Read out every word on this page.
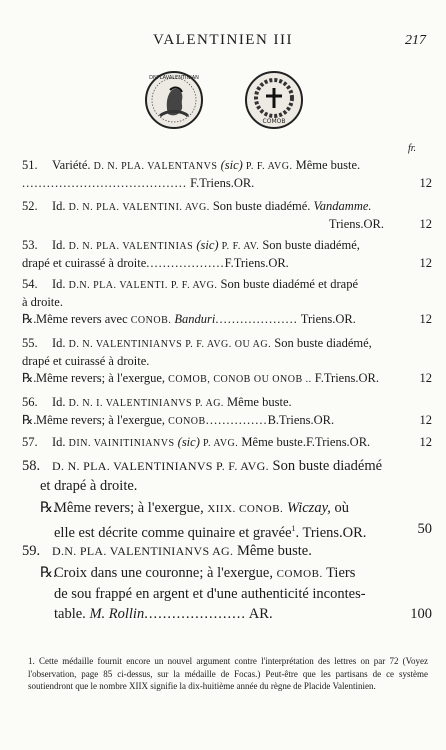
VALENTINIEN III	217
DNPLAVALENTINIAN
COMOB
fr.
51. Variété. D. N. PLA. VALENTANVS (sic) P. F. AVG. Même buste.
........................................ F.Triens.OR.	12
52. Id. D. N. PLA. VALENTINI. AVG. Son buste diadémé. Vandamme.
Triens.OR.	12
53. Id. D. N. PLA. VALENTINIAS (sic) P. F. AV. Son buste diadémé,
drapé et cuirassé à droite...................F.Triens.OR.	12
54. Id. D.N. PLA. VALENTI. P. F. AVG. Son buste diadémé et drapé
à droite.
℞.Même revers avec CONOB. Banduri.................... Triens.OR.	12
55. Id. D. N. VALENTINIANVS P. F. AVG. OU AG. Son buste diadémé,
drapé et cuirassé à droite.
℞.Même revers; à l'exergue, COMOB, CONOB OU ONOB .. F.Triens.OR.	12
56. Id. D. N. I. VALENTINIANVS P. AG. Même buste.
℞.Même revers; à l'exergue, CONOB...............B.Triens.OR.	12
57. Id. DIN. VAINITINIANVS (sic) P. AVG. Même buste.F.Triens.OR.	12
58. D. N. PLA. VALENTINIANVS P. F. AVG. Son buste diadémé
et drapé à droite.
℞.Même revers; à l'exergue, XIIX. CONOB. Wiczay, où
elle est décrite comme quinaire et gravée$^1$. Triens.OR.	50
59. D.N. PLA. VALENTINIANVS AG. Même buste.
℞.Croix dans une couronne; à l'exergue, COMOB. Tiers
de sou frappé en argent et d'une authenticité incontes-
table. M. Rollin...................... AR.	100

1. Cette médaille fournit encore un nouvel argument contre l'interprétation des lettres on par 72 (Voyez l'observation, page 85 ci-dessus, sur la médaille de Focas.) Peut-être que les partisans de ce système soutiendront que le nombre XIIX signifie la dix-huitième année du règne de Placide Valentinien.
